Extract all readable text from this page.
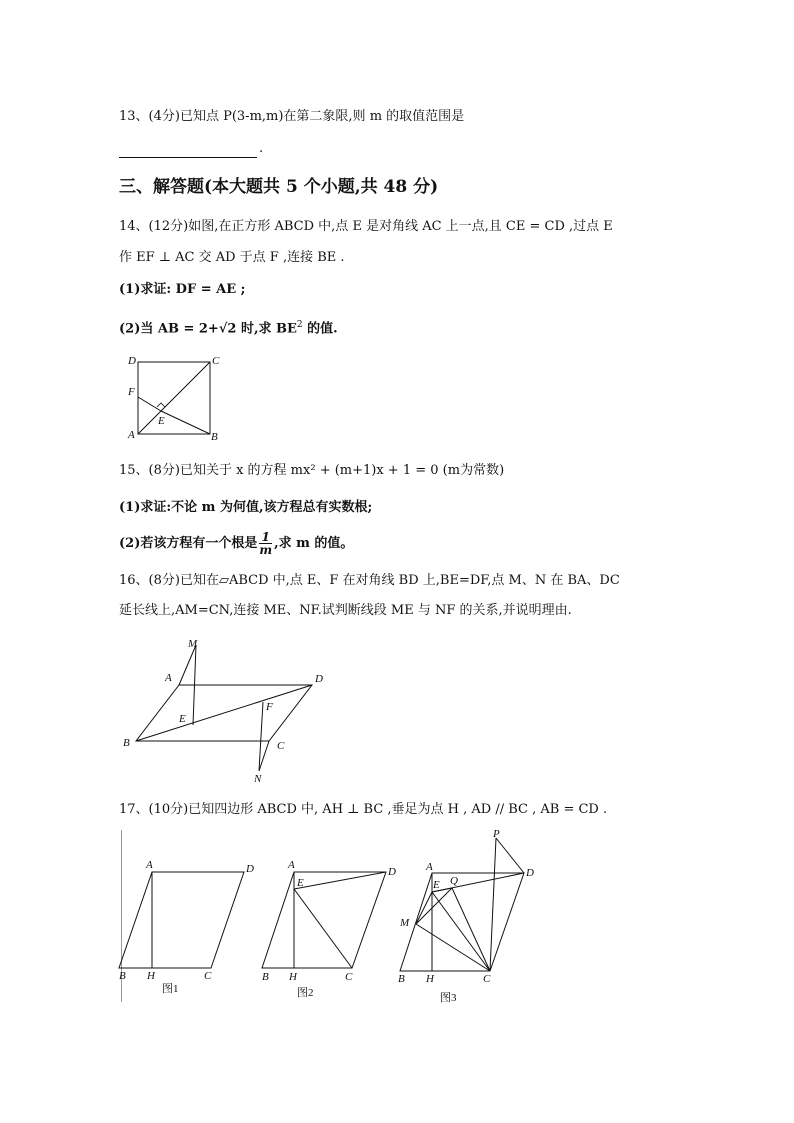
13、(4分)已知点 P(3-m,m)在第二象限,则 m 的取值范围是
.
三、解答题(本大题共 5 个小题,共 48 分)
14、(12分)如图,在正方形 ABCD 中,点 E 是对角线 AC 上一点,且 CE = CD ,过点 E
作 EF ⊥ AC 交 AD 于点 F ,连接 BE .
(1)求证: DF = AE ;
(2)当 AB = 2+√2 时,求 $BE^2$ 的值.
D	C
F
E
A	B
15、(8分)已知关于 x 的方程 mx² + (m+1)x + 1 = 0 (m为常数)
(1)求证:不论 m 为何值,该方程总有实数根;
(2)若该方程有一个根是 $\frac{1}{m}$ ,求 m 的值。
16、(8分)已知在▱ABCD 中,点 E、F 在对角线 BD 上,BE=DF,点 M、N 在 BA、DC
延长线上,AM=CN,连接 ME、NF.试判断线段 ME 与 NF 的关系,并说明理由.
M
A	D
E
F
B	C
N
17、(10分)已知四边形 ABCD 中, AH ⊥ BC ,垂足为点 H , AD // BC , AB = CD .
A	D
B H	C
图1
A
D
E
B H	C
图2
P
A
E Q
D
M
B H	C
图3
